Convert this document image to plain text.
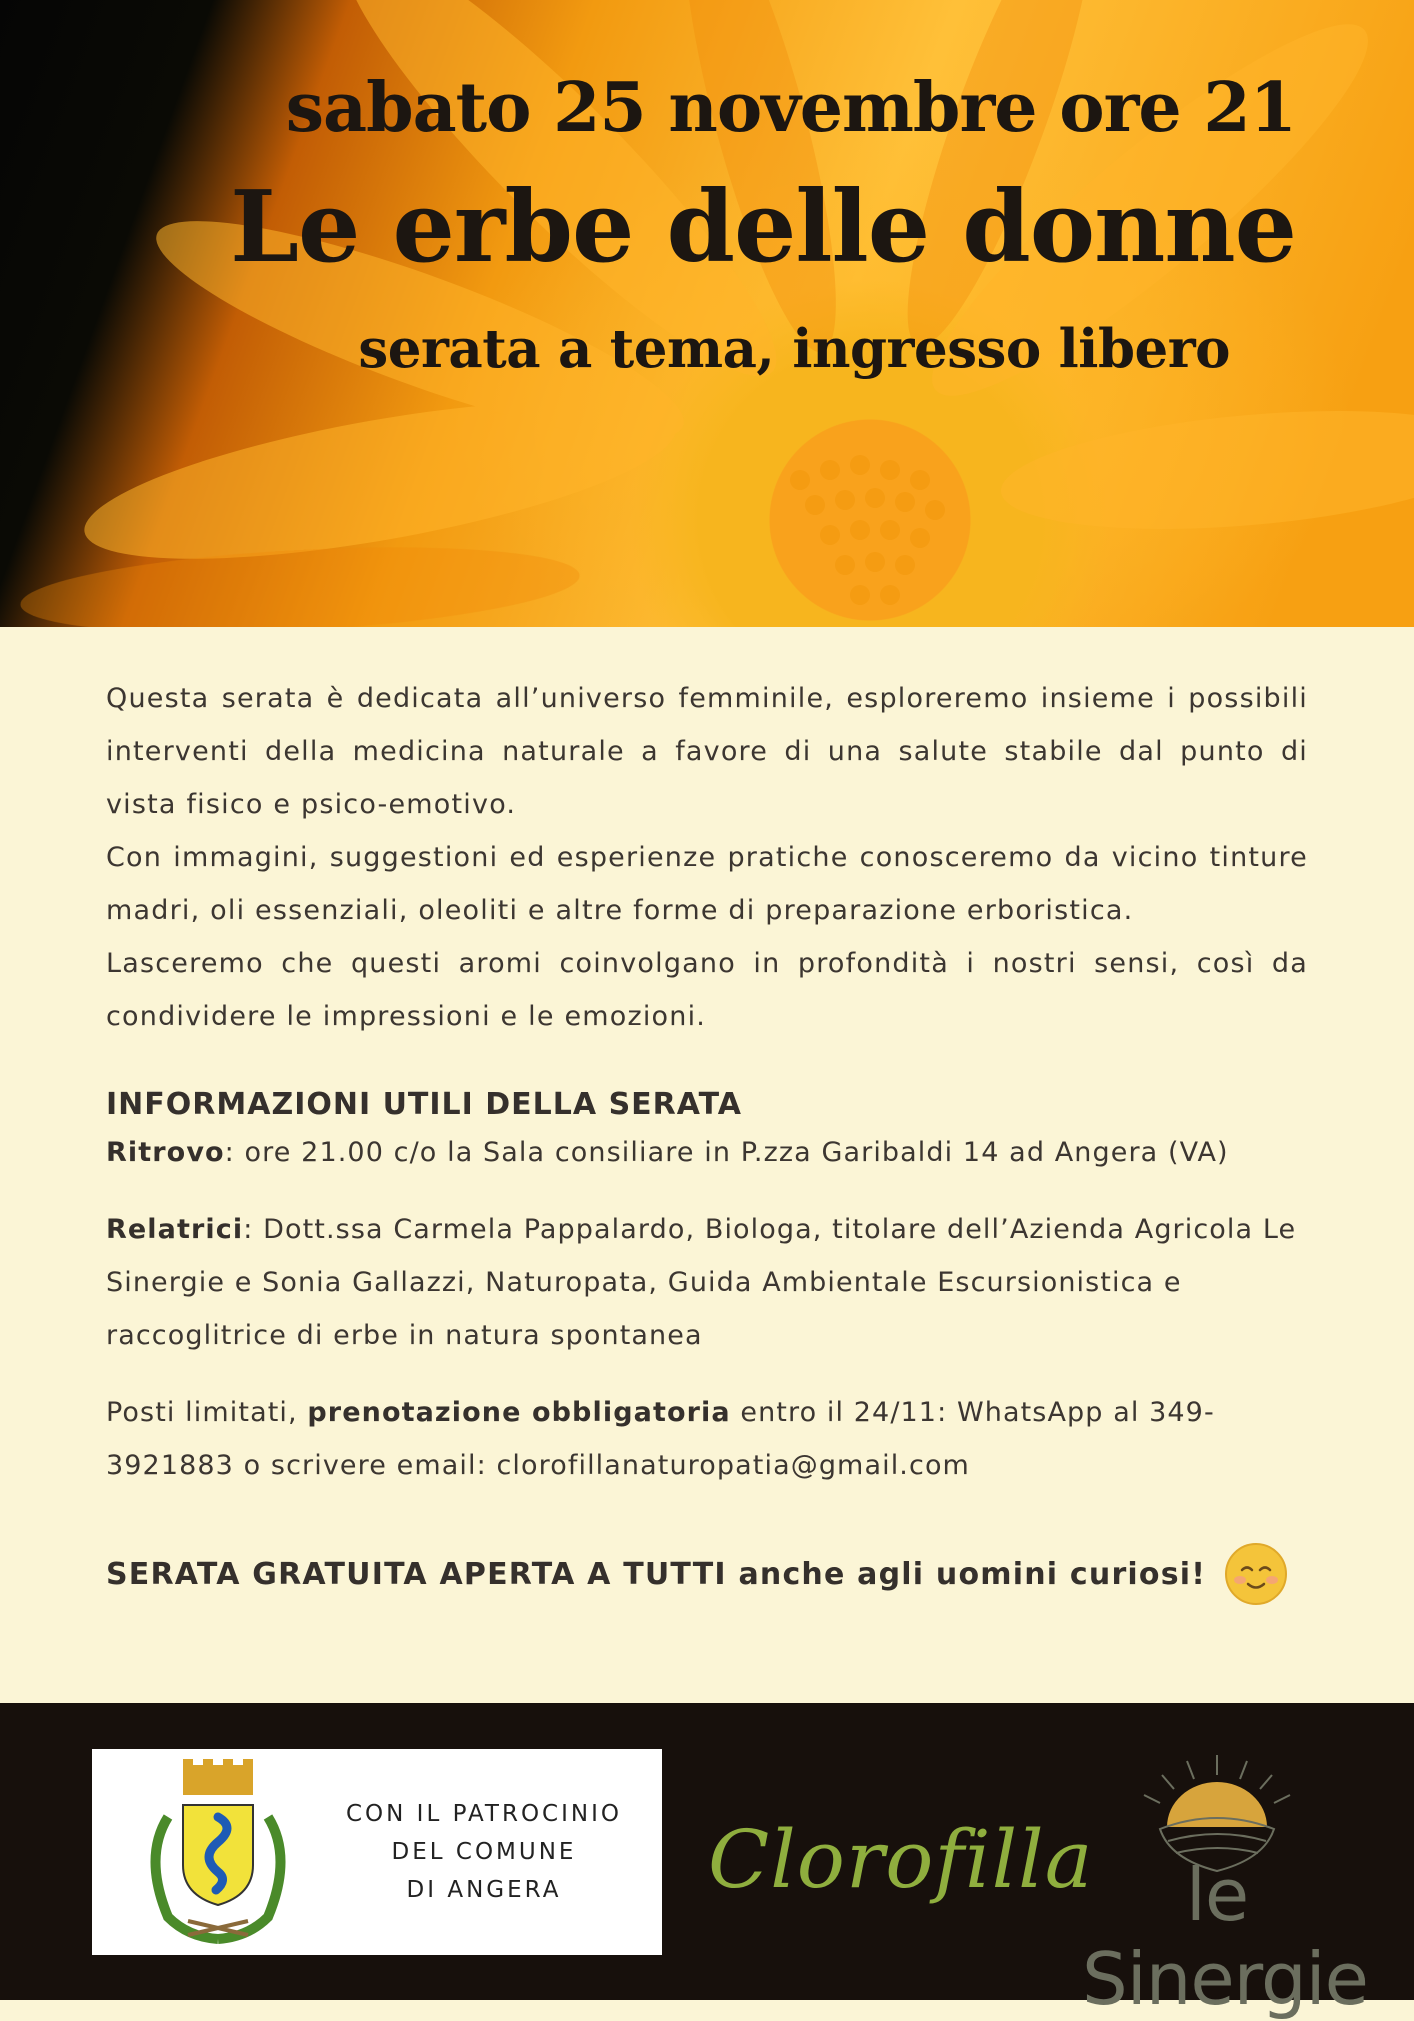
sabato 25 novembre ore 21
Le erbe delle donne
serata a tema, ingresso libero

Questa serata è dedicata all’universo femminile, esploreremo insieme i possibili interventi della medicina naturale a favore di una salute stabile dal punto di vista fisico e psico-emotivo.

Con immagini, suggestioni ed esperienze pratiche conosceremo da vicino tinture madri, oli essenziali, oleoliti e altre forme di preparazione erboristica.

Lasceremo che questi aromi coinvolgano in profondità i nostri sensi, così da condividere le impressioni e le emozioni.

INFORMAZIONI UTILI DELLA SERATA

Ritrovo: ore 21.00 c/o la Sala consiliare in P.zza Garibaldi 14 ad Angera (VA)

Relatrici: Dott.ssa Carmela Pappalardo, Biologa, titolare dell’Azienda Agricola Le Sinergie e Sonia Gallazzi, Naturopata, Guida Ambientale Escursionistica e raccoglitrice di erbe in natura spontanea

Posti limitati, prenotazione obbligatoria entro il 24/11: WhatsApp al 349-3921883 o scrivere email: clorofillanaturopatia@gmail.com

SERATA GRATUITA APERTA A TUTTI anche agli uomini curiosi!
CON IL PATROCINIO
DEL COMUNE
DI ANGERA	Clorofilla	le Sinergie
